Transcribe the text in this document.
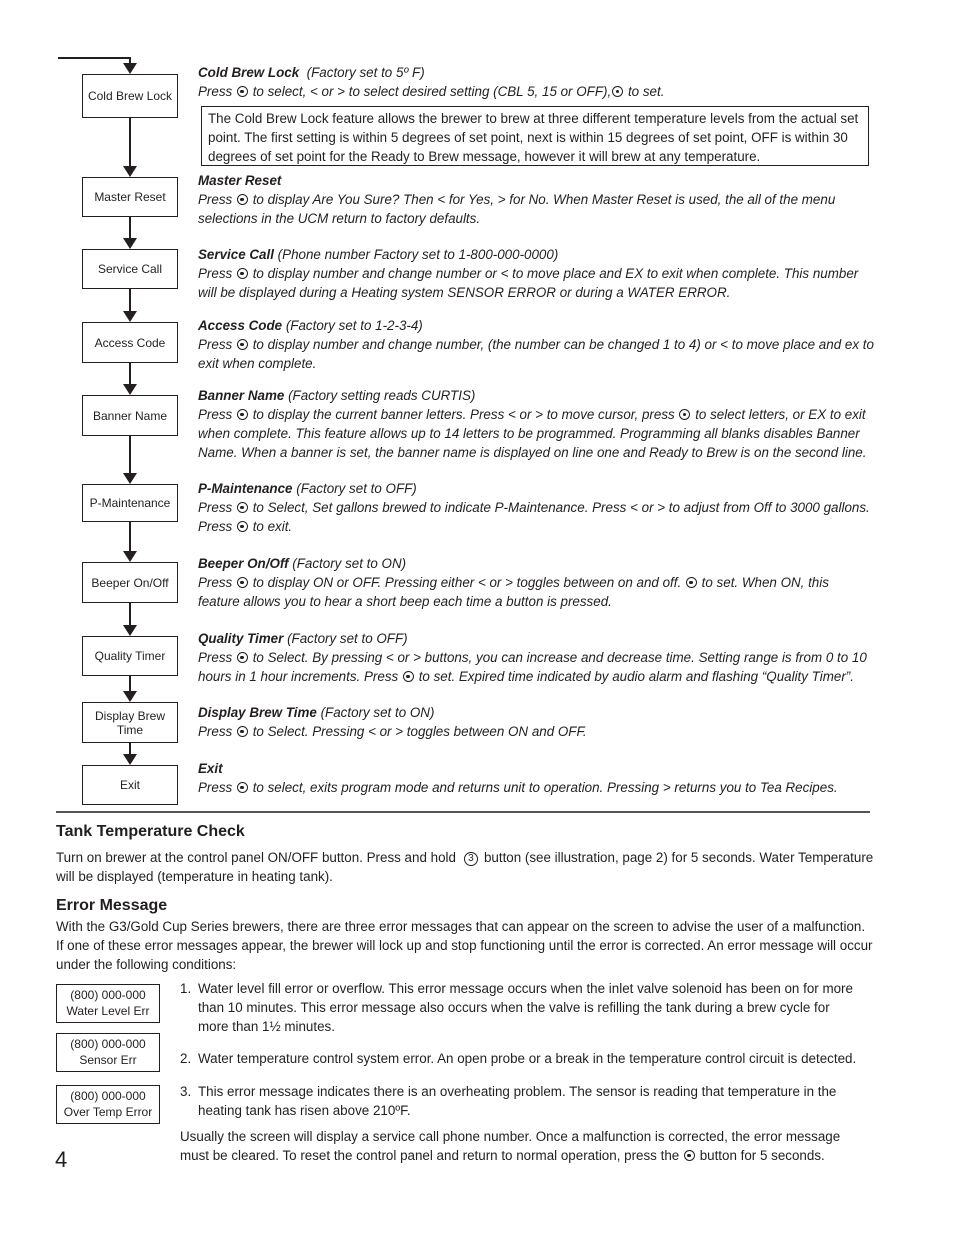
Cold Brew Lock
Master Reset
Service Call
Access Code
Banner Name
P-Maintenance
Beeper On/Off
Quality Timer
Display Brew Time
Exit
Cold Brew Lock (Factory set to 5º F)
Press to select, < or > to select desired setting (CBL 5, 15 or OFF), to set.
The Cold Brew Lock feature allows the brewer to brew at three different temperature levels from the actual set point. The first setting is within 5 degrees of set point, next is within 15 degrees of set point, OFF is within 30 degrees of set point for the Ready to Brew message, however it will brew at any temperature.
Master Reset
Press to display Are You Sure? Then < for Yes, > for No. When Master Reset is used, the all of the menu selections in the UCM return to factory defaults.
Service Call (Phone number Factory set to 1-800-000-0000)
Press to display number and change number or < to move place and EX to exit when complete. This number will be displayed during a Heating system SENSOR ERROR or during a WATER ERROR.
Access Code (Factory set to 1-2-3-4)
Press to display number and change number, (the number can be changed 1 to 4) or < to move place and ex to exit when complete.
Banner Name (Factory setting reads CURTIS)
Press to display the current banner letters. Press < or > to move cursor, press to select letters, or EX to exit when complete. This feature allows up to 14 letters to be programmed. Programming all blanks disables Banner Name. When a banner is set, the banner name is displayed on line one and Ready to Brew is on the second line.
P-Maintenance (Factory set to OFF)
Press to Select, Set gallons brewed to indicate P-Maintenance. Press < or > to adjust from Off to 3000 gallons. Press to exit.
Beeper On/Off (Factory set to ON)
Press to display ON or OFF. Pressing either < or > toggles between on and off. to set. When ON, this feature allows you to hear a short beep each time a button is pressed.
Quality Timer (Factory set to OFF)
Press to Select. By pressing < or > buttons, you can increase and decrease time. Setting range is from 0 to 10 hours in 1 hour increments. Press to set. Expired time indicated by audio alarm and flashing “Quality Timer”.
Display Brew Time (Factory set to ON)
Press to Select. Pressing < or > toggles between ON and OFF.
Exit
Press to select, exits program mode and returns unit to operation. Pressing > returns you to Tea Recipes.
Tank Temperature Check
Turn on brewer at the control panel ON/OFF button. Press and hold 3 button (see illustration, page 2) for 5 seconds. Water Temperature will be displayed (temperature in heating tank).
Error Message
With the G3/Gold Cup Series brewers, there are three error messages that can appear on the screen to advise the user of a malfunction. If one of these error messages appear, the brewer will lock up and stop functioning until the error is corrected. An error message will occur under the following conditions:
(800) 000-000
Water Level Err
(800) 000-000
Sensor Err
(800) 000-000
Over Temp Error
1. Water level fill error or overflow. This error message occurs when the inlet valve solenoid has been on for more than 10 minutes. This error message also occurs when the valve is refilling the tank during a brew cycle for more than 1½ minutes.
2. Water temperature control system error. An open probe or a break in the temperature control circuit is detected.
3. This error message indicates there is an overheating problem. The sensor is reading that temperature in the heating tank has risen above 210ºF.
Usually the screen will display a service call phone number. Once a malfunction is corrected, the error message must be cleared. To reset the control panel and return to normal operation, press the button for 5 seconds.
4
